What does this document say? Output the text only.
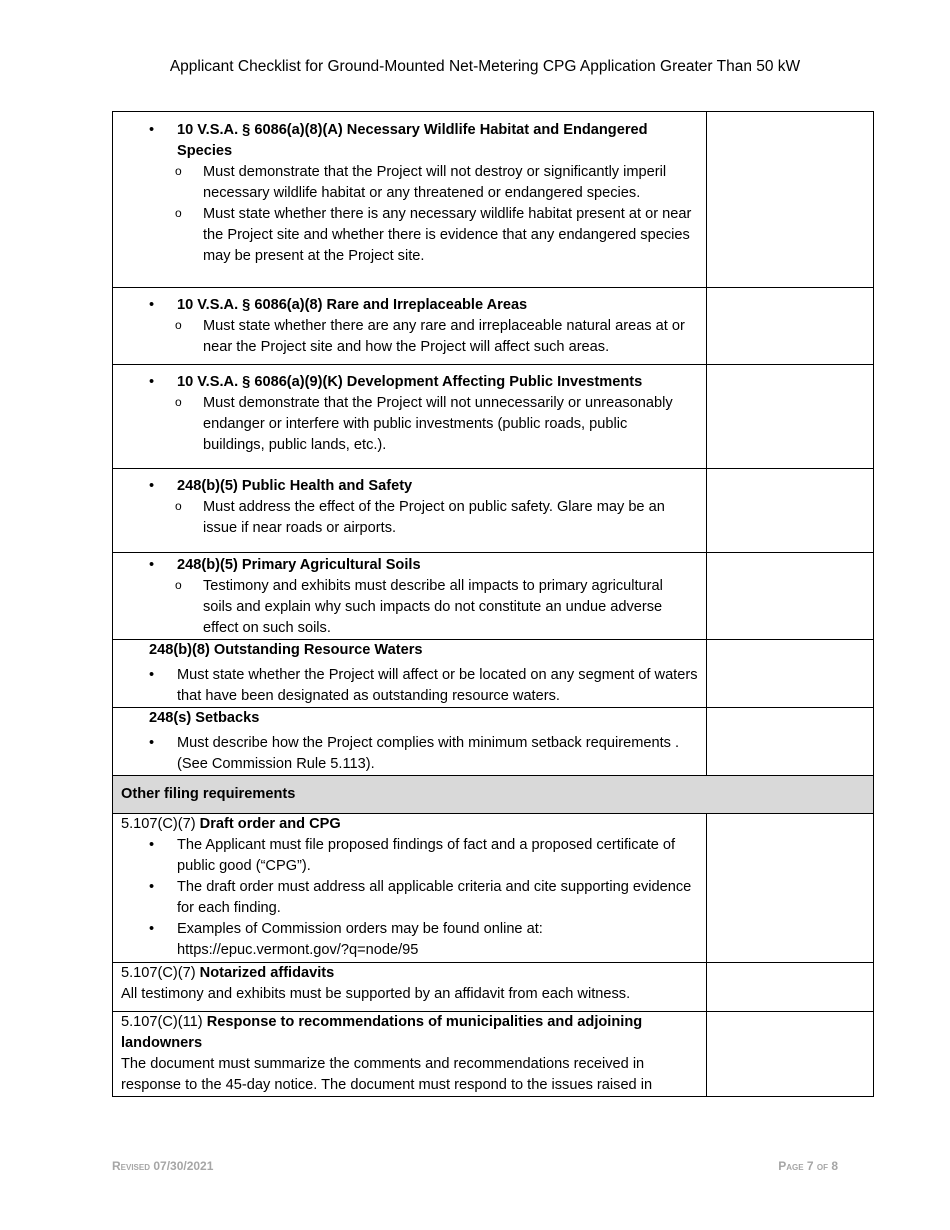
Applicant Checklist for Ground-Mounted Net-Metering CPG Application Greater Than 50 kW
• 10 V.S.A. § 6086(a)(8)(A) Necessary Wildlife Habitat and Endangered Species
o Must demonstrate that the Project will not destroy or significantly imperil necessary wildlife habitat or any threatened or endangered species.
o Must state whether there is any necessary wildlife habitat present at or near the Project site and whether there is evidence that any endangered species may be present at the Project site.

• 10 V.S.A. § 6086(a)(8) Rare and Irreplaceable Areas
o Must state whether there are any rare and irreplaceable natural areas at or near the Project site and how the Project will affect such areas.

• 10 V.S.A. § 6086(a)(9)(K) Development Affecting Public Investments
o Must demonstrate that the Project will not unnecessarily or unreasonably endanger or interfere with public investments (public roads, public buildings, public lands, etc.).

• 248(b)(5) Public Health and Safety
o Must address the effect of the Project on public safety. Glare may be an issue if near roads or airports.

• 248(b)(5) Primary Agricultural Soils
o Testimony and exhibits must describe all impacts to primary agricultural soils and explain why such impacts do not constitute an undue adverse effect on such soils.

248(b)(8) Outstanding Resource Waters
• Must state whether the Project will affect or be located on any segment of waters that have been designated as outstanding resource waters.

248(s) Setbacks
• Must describe how the Project complies with minimum setback requirements . (See Commission Rule 5.113).

Other filing requirements	

5.107(C)(7) Draft order and CPG
• The Applicant must file proposed findings of fact and a proposed certificate of public good (“CPG”).
• The draft order must address all applicable criteria and cite supporting evidence for each finding.
• Examples of Commission orders may be found online at: https://epuc.vermont.gov/?q=node/95

5.107(C)(7) Notarized affidavits
All testimony and exhibits must be supported by an affidavit from each witness.	

5.107(C)(11) Response to recommendations of municipalities and adjoining landowners
The document must summarize the comments and recommendations received in response to the 45-day notice. The document must respond to the issues raised in	

Revised 07/30/2021	Page 7 of 8
